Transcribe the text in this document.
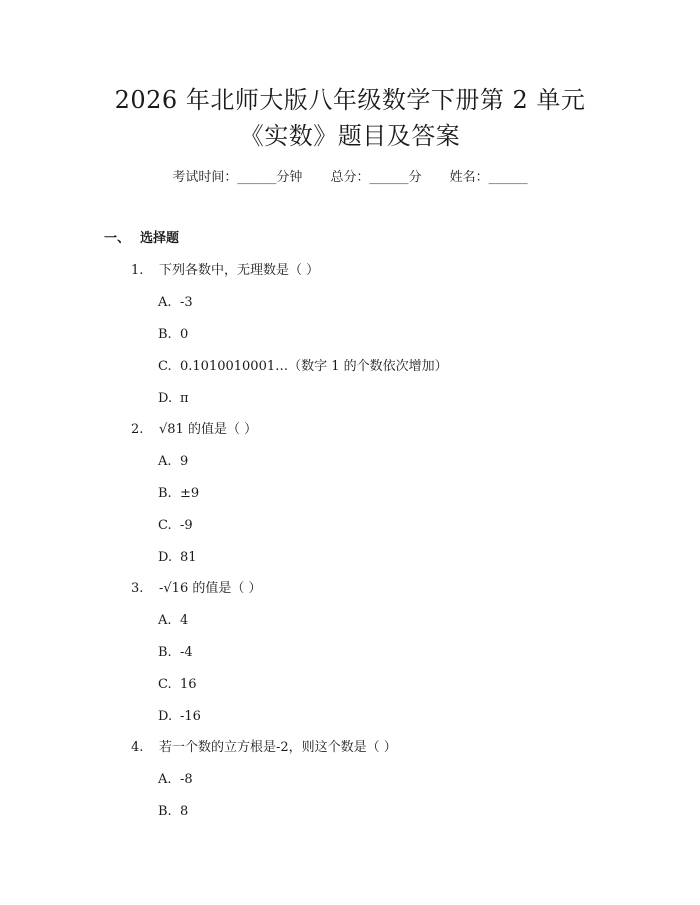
2026 年北师大版八年级数学下册第 2 单元
《实数》题目及答案
考试时间：______分钟 总分：______分 姓名：______
一、 选择题
1. 下列各数中，无理数是（ ）
A. -3
B. 0
C. 0.1010010001…（数字 1 的个数依次增加）
D. π
2. √81 的值是（ ）
A. 9
B. ±9
C. -9
D. 81
3. -√16 的值是（ ）
A. 4
B. -4
C. 16
D. -16
4. 若一个数的立方根是-2，则这个数是（ ）
A. -8
B. 8
